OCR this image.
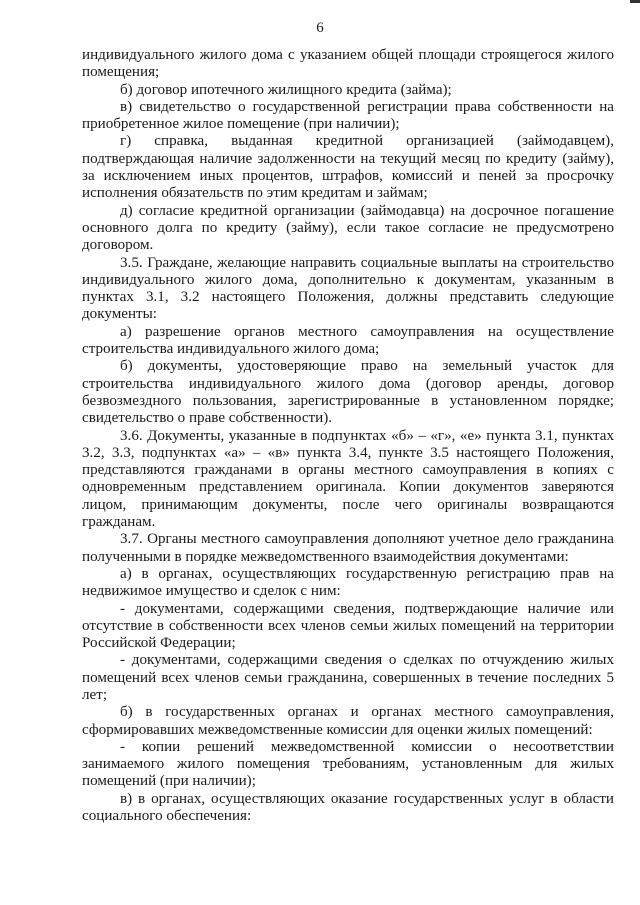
6

индивидуального жилого дома с указанием общей площади строящегося жилого помещения;

б) договор ипотечного жилищного кредита (займа);

в) свидетельство о государственной регистрации права собственности на приобретенное жилое помещение (при наличии);

г) справка, выданная кредитной организацией (займодавцем), подтверждающая наличие задолженности на текущий месяц по кредиту (займу), за исключением иных процентов, штрафов, комиссий и пеней за просрочку исполнения обязательств по этим кредитам и займам;

д) согласие кредитной организации (займодавца) на досрочное погашение основного долга по кредиту (займу), если такое согласие не предусмотрено договором.

3.5. Граждане, желающие направить социальные выплаты на строительство индивидуального жилого дома, дополнительно к документам, указанным в пунктах 3.1, 3.2 настоящего Положения, должны представить следующие документы:

а) разрешение органов местного самоуправления на осуществление строительства индивидуального жилого дома;

б) документы, удостоверяющие право на земельный участок для строительства индивидуального жилого дома (договор аренды, договор безвозмездного пользования, зарегистрированные в установленном порядке; свидетельство о праве собственности).

3.6. Документы, указанные в подпунктах «б» – «г», «е» пункта 3.1, пунктах 3.2, 3.3, подпунктах «а» – «в» пункта 3.4, пункте 3.5 настоящего Положения, представляются гражданами в органы местного самоуправления в копиях с одновременным представлением оригинала. Копии документов заверяются лицом, принимающим документы, после чего оригиналы возвращаются гражданам.

3.7. Органы местного самоуправления дополняют учетное дело гражданина полученными в порядке межведомственного взаимодействия документами:

а) в органах, осуществляющих государственную регистрацию прав на недвижимое имущество и сделок с ним:

- документами, содержащими сведения, подтверждающие наличие или отсутствие в собственности всех членов семьи жилых помещений на территории Российской Федерации;

- документами, содержащими сведения о сделках по отчуждению жилых помещений всех членов семьи гражданина, совершенных в течение последних 5 лет;

б) в государственных органах и органах местного самоуправления, сформировавших межведомственные комиссии для оценки жилых помещений:

- копии решений межведомственной комиссии о несоответствии занимаемого жилого помещения требованиям, установленным для жилых помещений (при наличии);

в) в органах, осуществляющих оказание государственных услуг в области социального обеспечения:
